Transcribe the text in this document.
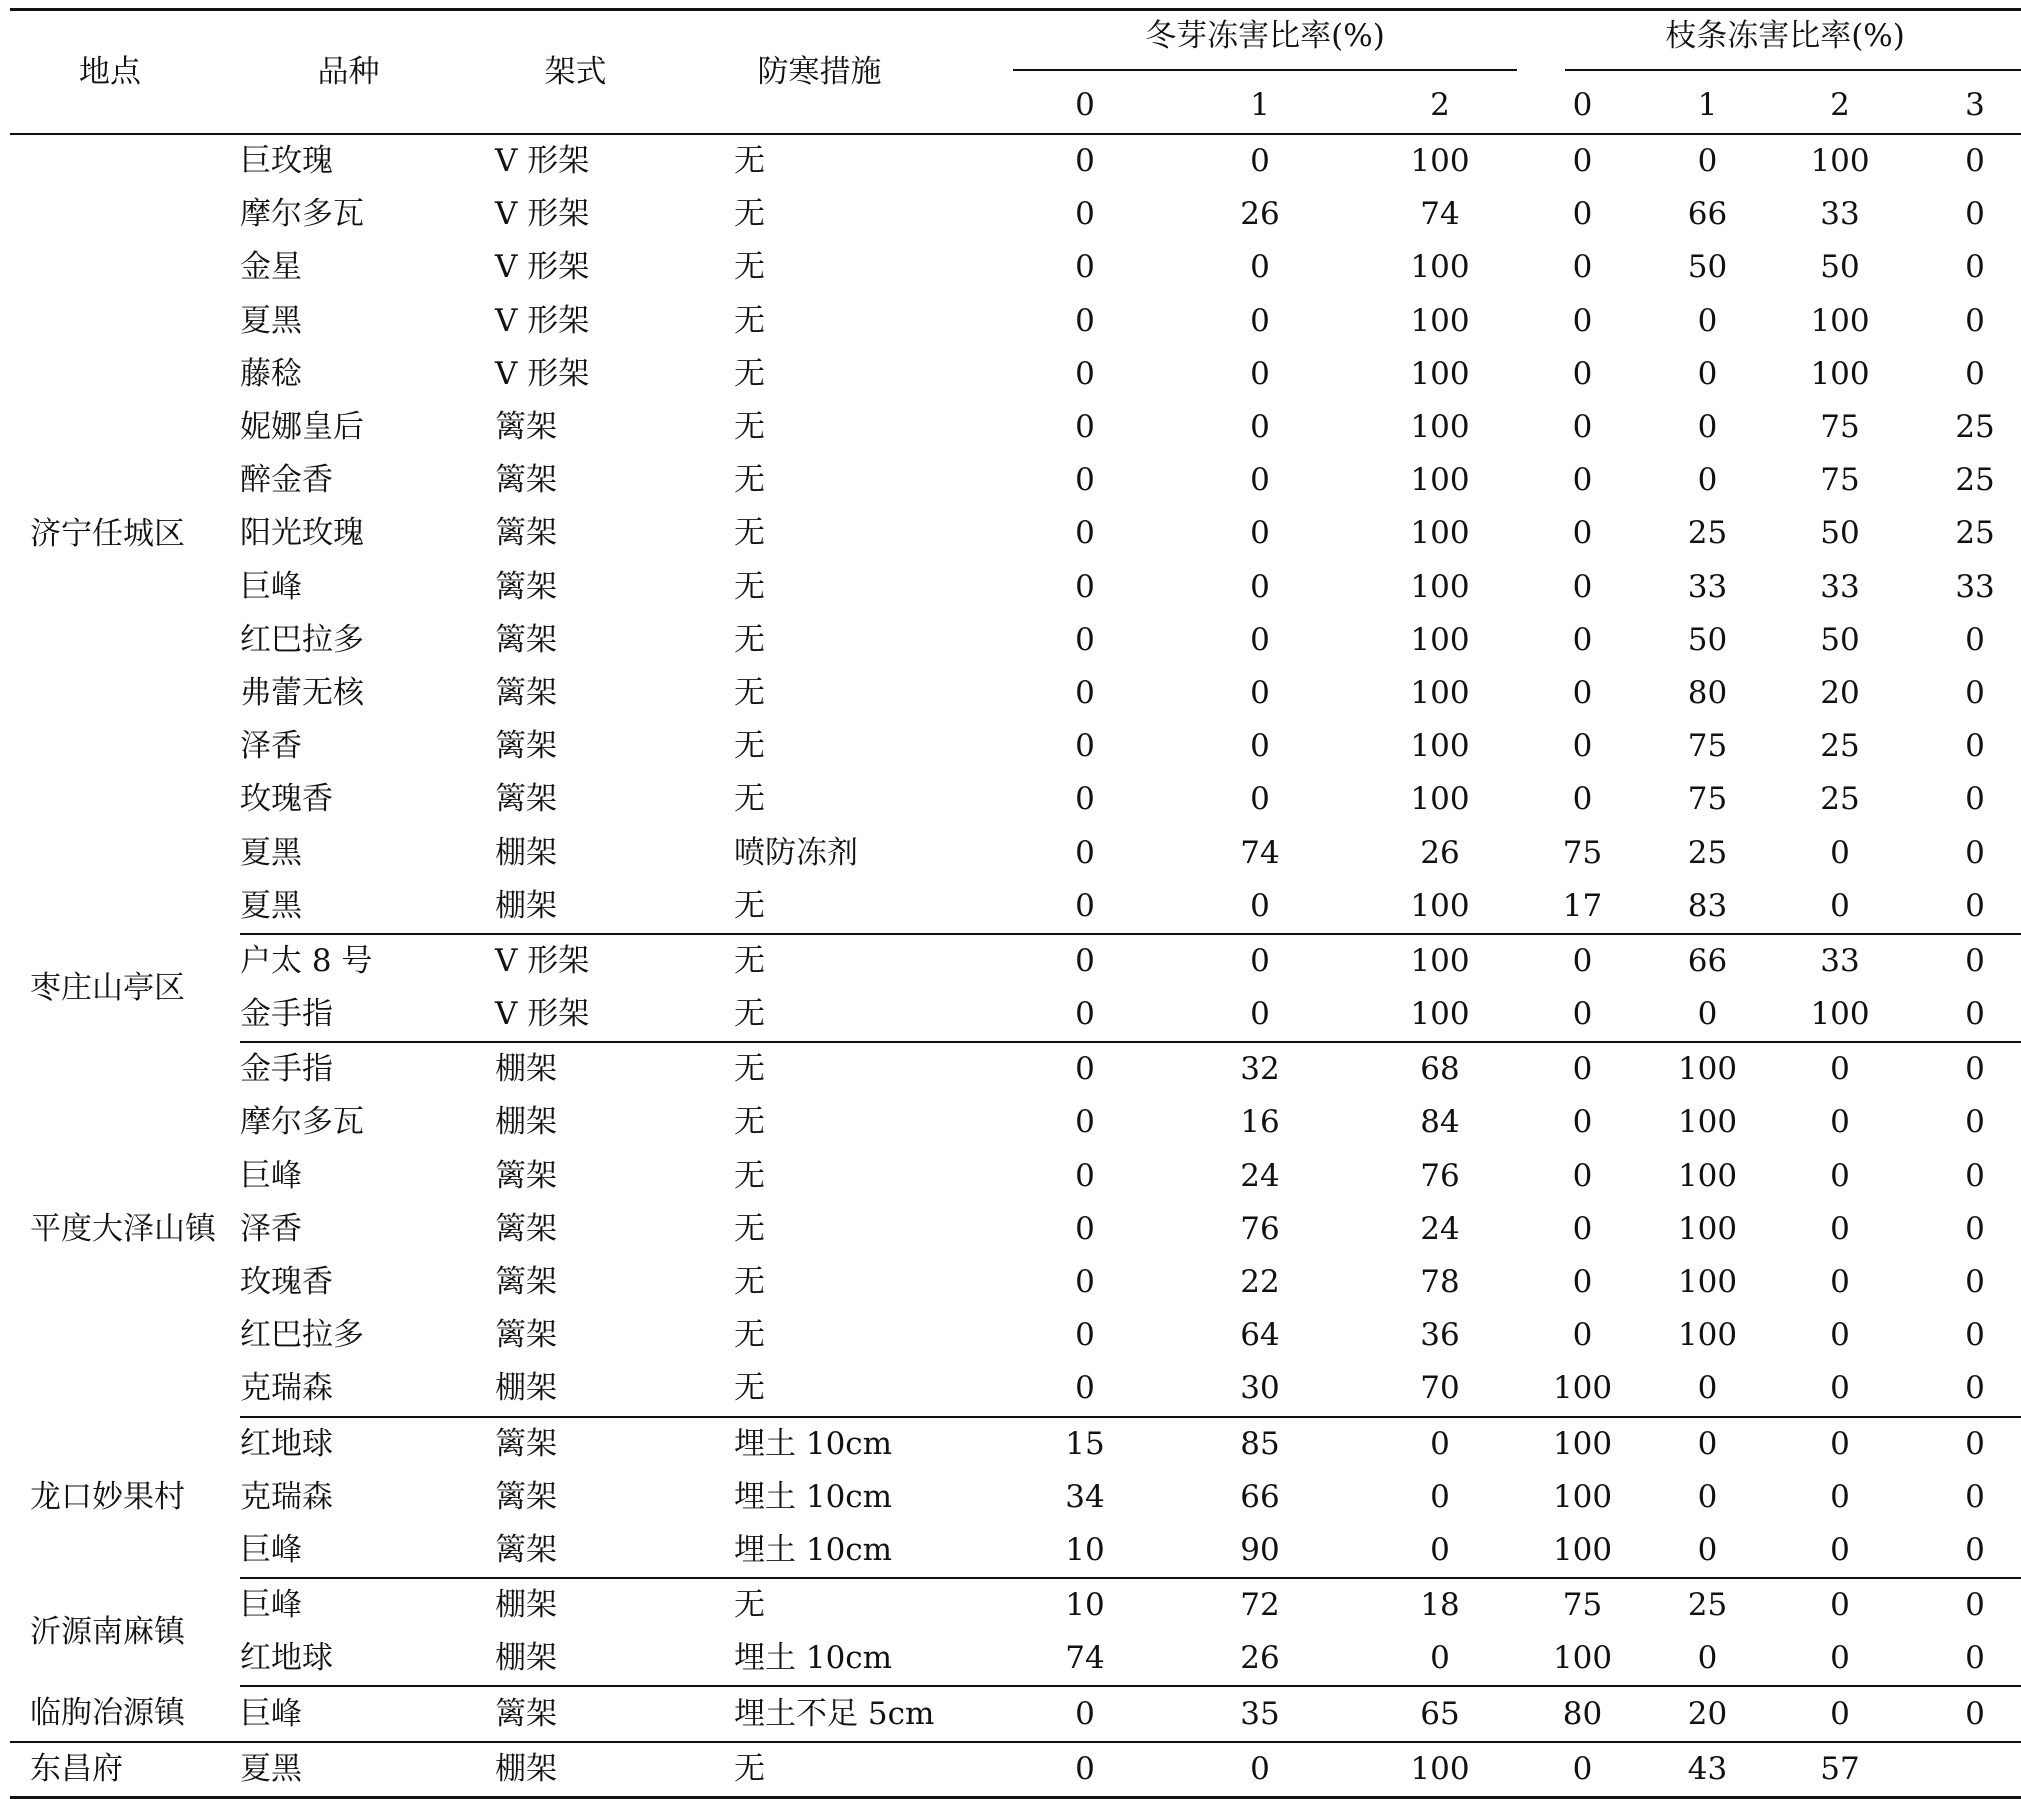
地点	品种	架式	防寒措施	冬芽冻害比率(%)			枝条冻害比率(%)			

				0	1	2	0	1	2	3
济宁任城区	巨玫瑰	V 形架	无	0	0	100	0	0	100	0
	摩尔多瓦	V 形架	无	0	26	74	0	66	33	0
	金星	V 形架	无	0	0	100	0	50	50	0
	夏黑	V 形架	无	0	0	100	0	0	100	0
	藤稔	V 形架	无	0	0	100	0	0	100	0
	妮娜皇后	篱架	无	0	0	100	0	0	75	25
	醉金香	篱架	无	0	0	100	0	0	75	25
	阳光玫瑰	篱架	无	0	0	100	0	25	50	25
	巨峰	篱架	无	0	0	100	0	33	33	33
	红巴拉多	篱架	无	0	0	100	0	50	50	0
	弗蕾无核	篱架	无	0	0	100	0	80	20	0
	泽香	篱架	无	0	0	100	0	75	25	0
	玫瑰香	篱架	无	0	0	100	0	75	25	0
	夏黑	棚架	喷防冻剂	0	74	26	75	25	0	0
	夏黑	棚架	无	0	0	100	17	83	0	0
枣庄山亭区	户太 8 号	V 形架	无	0	0	100	0	66	33	0
	金手指	V 形架	无	0	0	100	0	0	100	0
平度大泽山镇	金手指	棚架	无	0	32	68	0	100	0	0
	摩尔多瓦	棚架	无	0	16	84	0	100	0	0
	巨峰	篱架	无	0	24	76	0	100	0	0
	泽香	篱架	无	0	76	24	0	100	0	0
	玫瑰香	篱架	无	0	22	78	0	100	0	0
	红巴拉多	篱架	无	0	64	36	0	100	0	0
	克瑞森	棚架	无	0	30	70	100	0	0	0
龙口妙果村	红地球	篱架	埋土 10cm	15	85	0	100	0	0	0
	克瑞森	篱架	埋土 10cm	34	66	0	100	0	0	0
	巨峰	篱架	埋土 10cm	10	90	0	100	0	0	0
沂源南麻镇	巨峰	棚架	无	10	72	18	75	25	0	0
	红地球	棚架	埋土 10cm	74	26	0	100	0	0	0
临朐冶源镇	巨峰	篱架	埋土不足 5cm	0	35	65	80	20	0	0
东昌府	夏黑	棚架	无	0	0	100	0	43	57	
